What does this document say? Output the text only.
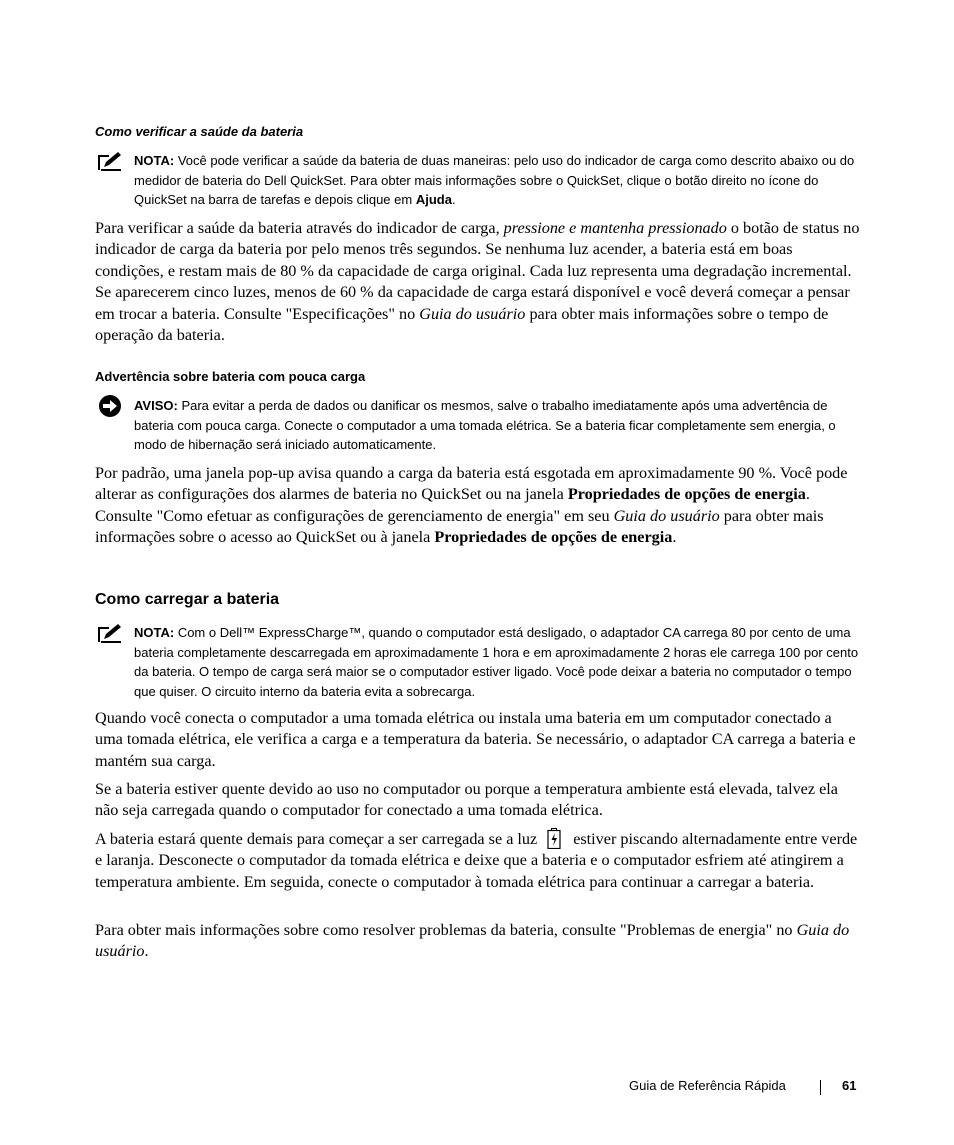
Como verificar a saúde da bateria
NOTA: Você pode verificar a saúde da bateria de duas maneiras: pelo uso do indicador de carga como descrito abaixo ou do medidor de bateria do Dell QuickSet. Para obter mais informações sobre o QuickSet, clique o botão direito no ícone do QuickSet na barra de tarefas e depois clique em Ajuda.
Para verificar a saúde da bateria através do indicador de carga, pressione e mantenha pressionado o botão de status no indicador de carga da bateria por pelo menos três segundos. Se nenhuma luz acender, a bateria está em boas condições, e restam mais de 80 % da capacidade de carga original. Cada luz representa uma degradação incremental. Se aparecerem cinco luzes, menos de 60 % da capacidade de carga estará disponível e você deverá começar a pensar em trocar a bateria. Consulte "Especificações" no Guia do usuário para obter mais informações sobre o tempo de operação da bateria.
Advertência sobre bateria com pouca carga
AVISO: Para evitar a perda de dados ou danificar os mesmos, salve o trabalho imediatamente após uma advertência de bateria com pouca carga. Conecte o computador a uma tomada elétrica. Se a bateria ficar completamente sem energia, o modo de hibernação será iniciado automaticamente.
Por padrão, uma janela pop-up avisa quando a carga da bateria está esgotada em aproximadamente 90 %. Você pode alterar as configurações dos alarmes de bateria no QuickSet ou na janela Propriedades de opções de energia. Consulte "Como efetuar as configurações de gerenciamento de energia" em seu Guia do usuário para obter mais informações sobre o acesso ao QuickSet ou à janela Propriedades de opções de energia.
Como carregar a bateria
NOTA: Com o Dell™ ExpressCharge™, quando o computador está desligado, o adaptador CA carrega 80 por cento de uma bateria completamente descarregada em aproximadamente 1 hora e em aproximadamente 2 horas ele carrega 100 por cento da bateria. O tempo de carga será maior se o computador estiver ligado. Você pode deixar a bateria no computador o tempo que quiser. O circuito interno da bateria evita a sobrecarga.
Quando você conecta o computador a uma tomada elétrica ou instala uma bateria em um computador conectado a uma tomada elétrica, ele verifica a carga e a temperatura da bateria. Se necessário, o adaptador CA carrega a bateria e mantém sua carga.
Se a bateria estiver quente devido ao uso no computador ou porque a temperatura ambiente está elevada, talvez ela não seja carregada quando o computador for conectado a uma tomada elétrica.
A bateria estará quente demais para começar a ser carregada se a luz estiver piscando alternadamente entre verde e laranja. Desconecte o computador da tomada elétrica e deixe que a bateria e o computador esfriem até atingirem a temperatura ambiente. Em seguida, conecte o computador à tomada elétrica para continuar a carregar a bateria.
Para obter mais informações sobre como resolver problemas da bateria, consulte "Problemas de energia" no Guia do usuário.
Guia de Referência Rápida	61
